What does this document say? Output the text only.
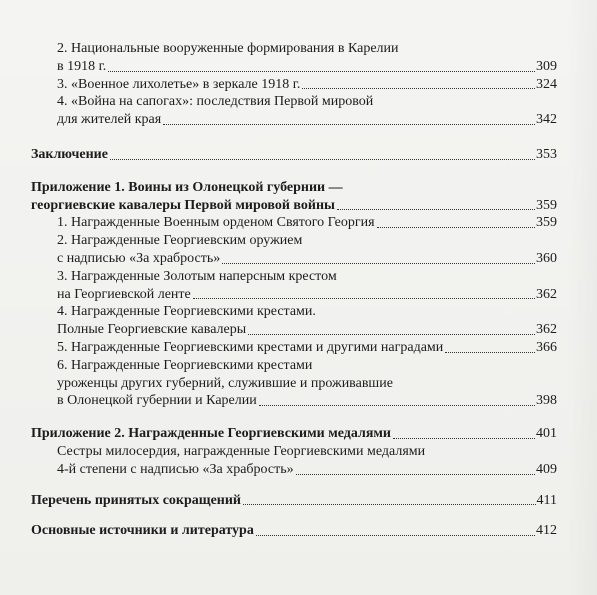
2. Национальные вооруженные формирования в Карелии
в 1918 г.	309
3. «Военное лихолетье» в зеркале 1918 г.	324
4. «Война на сапогах»: последствия Первой мировой
для жителей края	342
Заключение	353
Приложение 1. Воины из Олонецкой губернии —
георгиевские кавалеры Первой мировой войны	359
1. Награжденные Военным орденом Святого Георгия	359
2. Награжденные Георгиевским оружием
с надписью «За храбрость»	360
3. Награжденные Золотым наперсным крестом
на Георгиевской ленте	362
4. Награжденные Георгиевскими крестами.
Полные Георгиевские кавалеры	362
5. Награжденные Георгиевскими крестами и другими наградами	366
6. Награжденные Георгиевскими крестами
уроженцы других губерний, служившие и проживавшие
в Олонецкой губернии и Карелии	398
Приложение 2. Награжденные Георгиевскими медалями	401
Сестры милосердия, награжденные Георгиевскими медалями
4-й степени с надписью «За храбрость»	409
Перечень принятых сокращений	411
Основные источники и литература	412
